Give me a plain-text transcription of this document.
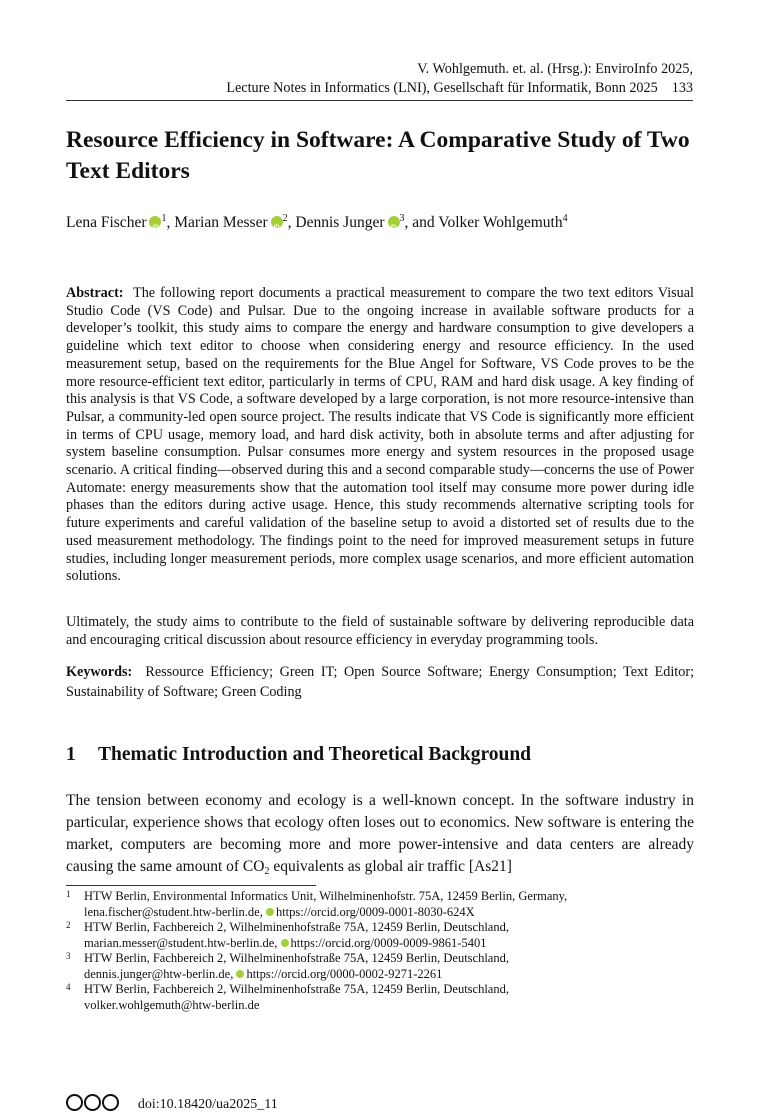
V. Wohlgemuth. et. al. (Hrsg.): EnviroInfo 2025,
Lecture Notes in Informatics (LNI), Gesellschaft für Informatik, Bonn 2025 133
Resource Efficiency in Software: A Comparative Study of Two Text Editors
Lena Fischer iD $^1$, Marian Messer iD $^2$, Dennis Junger iD $^3$, and Volker Wohlgemuth$^4$

Abstract: The following report documents a practical measurement to compare the two text editors Visual Studio Code (VS Code) and Pulsar. Due to the ongoing increase in available software products for a developer’s toolkit, this study aims to compare the energy and hardware consumption to give developers a guideline which text editor to choose when considering energy and resource efficiency. In the used measurement setup, based on the requirements for the Blue Angel for Software, VS Code proves to be the more resource-efficient text editor, particularly in terms of CPU, RAM and hard disk usage. A key finding of this analysis is that VS Code, a software developed by a large corporation, is not more resource-intensive than Pulsar, a community-led open source project. The results indicate that VS Code is significantly more efficient in terms of CPU usage, memory load, and hard disk activity, both in absolute terms and after adjusting for system baseline consumption. Pulsar consumes more energy and system resources in the proposed usage scenario. A critical finding—observed during this and a second comparable study—concerns the use of Power Automate: energy measurements show that the automation tool itself may consume more power during idle phases than the editors during active usage. Hence, this study recommends alternative scripting tools for future experiments and careful validation of the baseline setup to avoid a distorted set of results due to the used measurement methodology. The findings point to the need for improved measurement setups in future studies, including longer measurement periods, more complex usage scenarios, and more efficient automation solutions.

Ultimately, the study aims to contribute to the field of sustainable software by delivering reproducible data and encouraging critical discussion about resource efficiency in everyday programming tools.

Keywords: Ressource Efficiency; Green IT; Open Source Software; Energy Consumption; Text Editor; Sustainability of Software; Green Coding

1 Thematic Introduction and Theoretical Background

The tension between economy and ecology is a well-known concept. In the software industry in particular, experience shows that ecology often loses out to economics. New software is entering the market, computers are becoming more and more power-intensive and data centers are already causing the same amount of $CO_2$ equivalents as global air traffic [As21]

1 HTW Berlin, Environmental Informatics Unit, Wilhelminenhofstr. 75A, 12459 Berlin, Germany,
lena.fischer@student.htw-berlin.de, https://orcid.org/0009-0001-8030-624X
2 HTW Berlin, Fachbereich 2, Wilhelminenhofstraße 75A, 12459 Berlin, Deutschland,
marian.messer@student.htw-berlin.de, https://orcid.org/0009-0009-9861-5401
3 HTW Berlin, Fachbereich 2, Wilhelminenhofstraße 75A, 12459 Berlin, Deutschland,
dennis.junger@htw-berlin.de, https://orcid.org/0000-0002-9271-2261
4 HTW Berlin, Fachbereich 2, Wilhelminenhofstraße 75A, 12459 Berlin, Deutschland,
volker.wohlgemuth@htw-berlin.de
doi:10.18420/ua2025_11
